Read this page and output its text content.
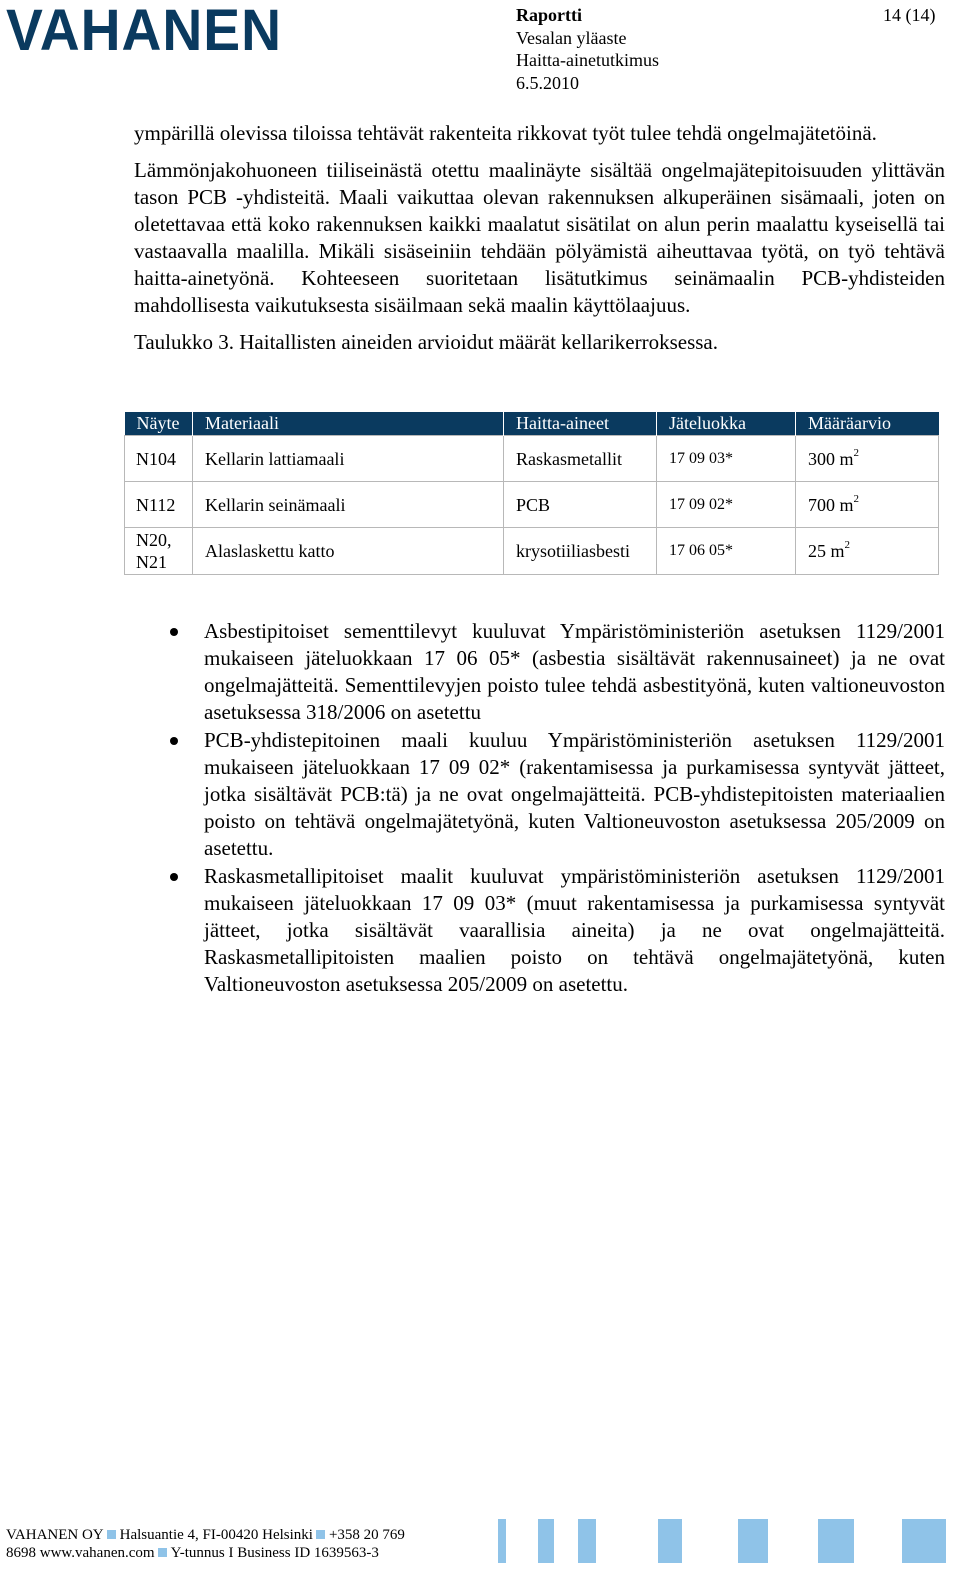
VAHANEN	Raportti
Vesalan yläaste
Haitta-ainetutkimus
6.5.2010
14 (14)

ympärillä olevissa tiloissa tehtävät rakenteita rikkovat työt tulee tehdä ongelmajätetöinä.

Lämmönjakohuoneen tiiliseinästä otettu maalinäyte sisältää ongelmajätepitoisuuden ylittävän tason PCB -yhdisteitä. Maali vaikuttaa olevan rakennuksen alkuperäinen sisämaali, joten on oletettavaa että koko rakennuksen kaikki maalatut sisätilat on alun perin maalattu kyseisellä tai vastaavalla maalilla. Mikäli sisäseiniin tehdään pölyämistä aiheuttavaa työtä, on työ tehtävä haitta-ainetyönä. Kohteeseen suoritetaan lisätutkimus seinämaalin PCB-yhdisteiden mahdollisesta vaikutuksesta sisäilmaan sekä maalin käyttölaajuus.

Taulukko 3. Haitallisten aineiden arvioidut määrät kellarikerroksessa.

Näyte	Materiaali	Haitta-aineet	Jäteluokka	Määräarvio
N104	Kellarin lattiamaali	Raskasmetallit	17 09 03*	300 $m^2$
N112	Kellarin seinämaali	PCB	17 09 02*	700 $m^2$
N20, N21	Alaslaskettu katto	krysotiiliasbesti	17 06 05*	25 $m^2$
Asbestipitoiset sementtilevyt kuuluvat Ympäristöministeriön asetuksen 1129/2001 mukaiseen jäteluokkaan 17 06 05* (asbestia sisältävät rakennusaineet) ja ne ovat ongelmajätteitä. Sementtilevyjen poisto tulee tehdä asbestityönä, kuten valtioneuvoston asetuksessa 318/2006 on asetettu
PCB-yhdistepitoinen maali kuuluu Ympäristöministeriön asetuksen 1129/2001 mukaiseen jäteluokkaan 17 09 02* (rakentamisessa ja purkamisessa syntyvät jätteet, jotka sisältävät PCB:tä) ja ne ovat ongelmajätteitä. PCB-yhdistepitoisten materiaalien poisto on tehtävä ongelmajätetyönä, kuten Valtioneuvoston asetuksessa 205/2009 on asetettu.
Raskasmetallipitoiset maalit kuuluvat ympäristöministeriön asetuksen 1129/2001 mukaiseen jäteluokkaan 17 09 03* (muut rakentamisessa ja purkamisessa syntyvät jätteet, jotka sisältävät vaarallisia aineita) ja ne ovat ongelmajätteitä. Raskasmetallipitoisten maalien poisto on tehtävä ongelmajätetyönä, kuten Valtioneuvoston asetuksessa 205/2009 on asetettu.
VAHANEN OY Halsuantie 4, FI-00420 Helsinki +358 20 769
8698 www.vahanen.com Y-tunnus I Business ID 1639563-3
